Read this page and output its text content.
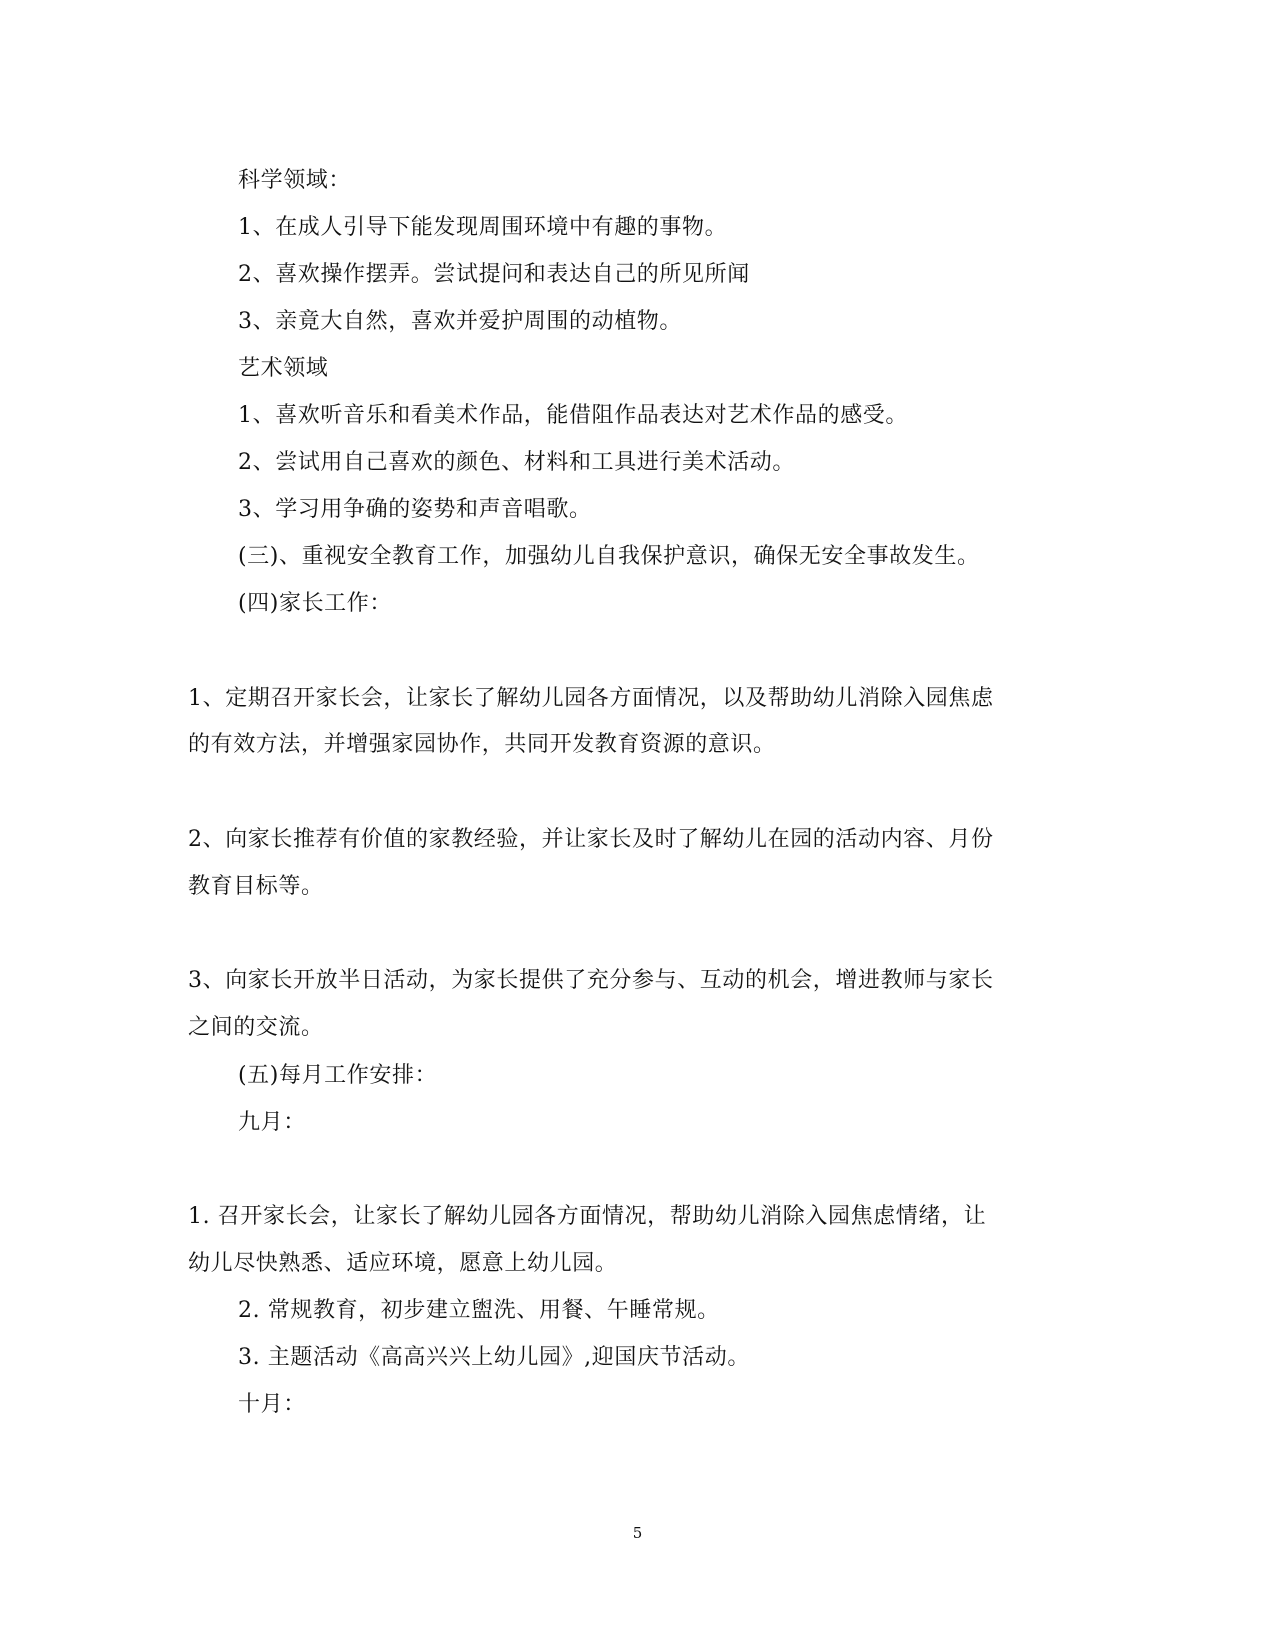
科学领域：
1、在成人引导下能发现周围环境中有趣的事物。
2、喜欢操作摆弄。尝试提问和表达自己的所见所闻
3、亲竟大自然，喜欢并爱护周围的动植物。
艺术领域
1、喜欢听音乐和看美术作品，能借阻作品表达对艺术作品的感受。
2、尝试用自己喜欢的颜色、材料和工具进行美术活动。
3、学习用争确的姿势和声音唱歌。
(三)、重视安全教育工作，加强幼儿自我保护意识，确保无安全事故发生。
(四)家长工作：
1、定期召开家长会，让家长了解幼儿园各方面情况，以及帮助幼儿消除入园焦虑
的有效方法，并增强家园协作，共同开发教育资源的意识。
2、向家长推荐有价值的家教经验，并让家长及时了解幼儿在园的活动内容、月份
教育目标等。
3、向家长开放半日活动，为家长提供了充分参与、互动的机会，增进教师与家长
之间的交流。
(五)每月工作安排：
九月：
1. 召开家长会，让家长了解幼儿园各方面情况，帮助幼儿消除入园焦虑情绪，让
幼儿尽快熟悉、适应环境，愿意上幼儿园。
2. 常规教育，初步建立盥洗、用餐、午睡常规。
3. 主题活动《高高兴兴上幼儿园》,迎国庆节活动。
十月：
5
